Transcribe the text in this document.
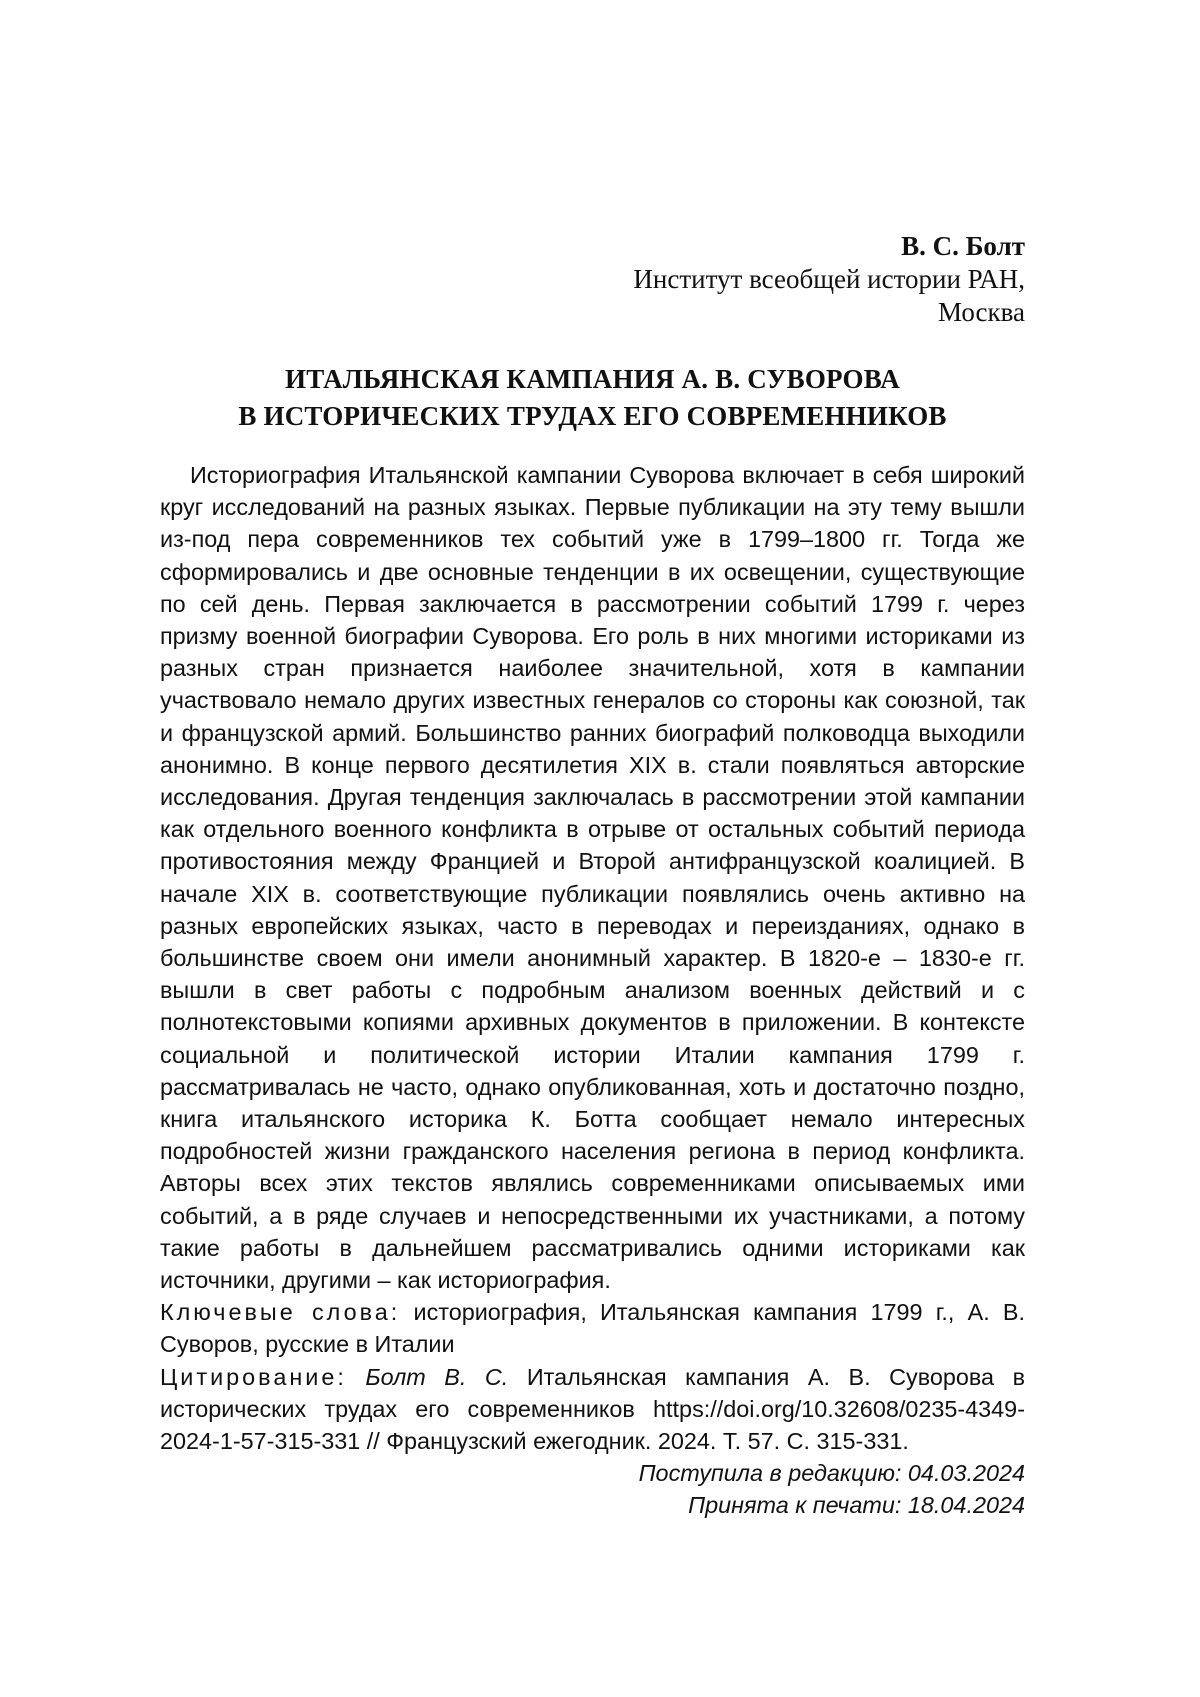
В. С. Болт
Институт всеобщей истории РАН,
Москва
ИТАЛЬЯНСКАЯ КАМПАНИЯ А. В. СУВОРОВА
В ИСТОРИЧЕСКИХ ТРУДАХ ЕГО СОВРЕМЕННИКОВ

Историография Итальянской кампании Суворова включает в себя широкий круг исследований на разных языках. Первые публикации на эту тему вышли из-под пера современников тех событий уже в 1799–1800 гг. Тогда же сформировались и две основные тенденции в их освещении, существующие по сей день. Первая заключается в рассмотрении событий 1799 г. через призму военной биографии Суворова. Его роль в них многими историками из разных стран признается наиболее значительной, хотя в кампании участвовало немало других известных генералов со стороны как союзной, так и французской армий. Большинство ранних биографий полководца выходили анонимно. В конце первого десятилетия XIX в. стали появляться авторские исследования. Другая тенденция заключалась в рассмотрении этой кампании как отдельного военного конфликта в отрыве от остальных событий периода противостояния между Францией и Второй антифранцузской коалицией. В начале XIX в. соответствующие публикации появлялись очень активно на разных европейских языках, часто в переводах и переизданиях, однако в большинстве своем они имели анонимный характер. В 1820-е – 1830-е гг. вышли в свет работы с подробным анализом военных действий и с полнотекстовыми копиями архивных документов в приложении. В контексте социальной и политической истории Италии кампания 1799 г. рассматривалась не часто, однако опубликованная, хоть и достаточно поздно, книга итальянского историка К. Ботта сообщает немало интересных подробностей жизни гражданского населения региона в период конфликта. Авторы всех этих текстов являлись современниками описываемых ими событий, а в ряде случаев и непосредственными их участниками, а потому такие работы в дальнейшем рассматривались одними историками как источники, другими – как историография.

Ключевые слова: историография, Итальянская кампания 1799 г., А. В. Суворов, русские в Италии
Цитирование: Болт В. С. Итальянская кампания А. В. Суворова в исторических трудах его современников https://doi.org/10.32608/0235-4349-2024-1-57-315-331 // Французский ежегодник. 2024. Т. 57. С. 315-331.
Поступила в редакцию: 04.03.2024
Принята к печати: 18.04.2024
